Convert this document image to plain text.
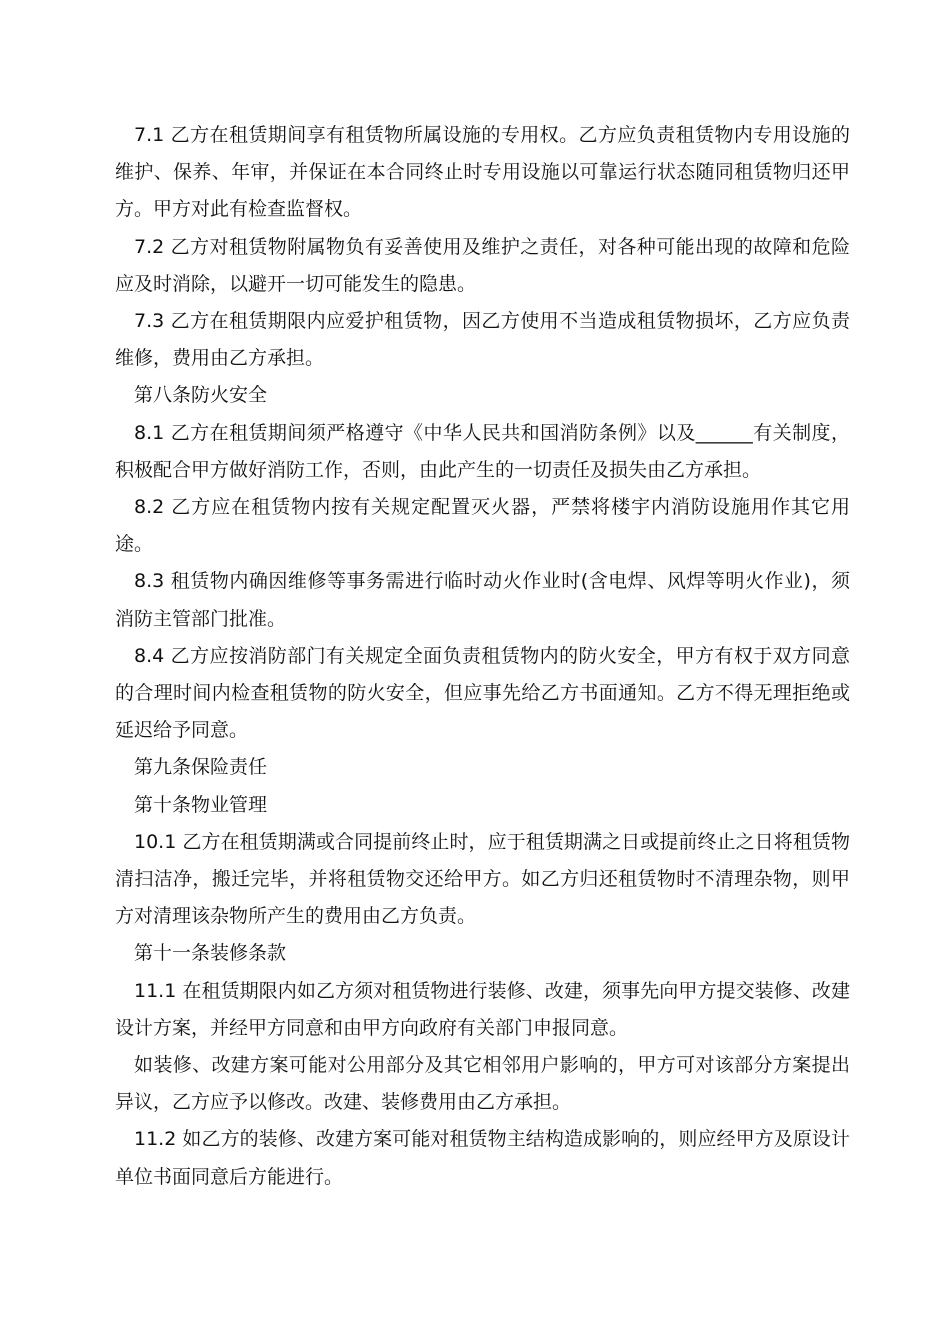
7.1 乙方在租赁期间享有租赁物所属设施的专用权。乙方应负责租赁物内专用设施的维护、保养、年审，并保证在本合同终止时专用设施以可靠运行状态随同租赁物归还甲方。甲方对此有检查监督权。

7.2 乙方对租赁物附属物负有妥善使用及维护之责任，对各种可能出现的故障和危险应及时消除，以避开一切可能发生的隐患。

7.3 乙方在租赁期限内应爱护租赁物，因乙方使用不当造成租赁物损坏，乙方应负责维修，费用由乙方承担。

第八条防火安全

8.1 乙方在租赁期间须严格遵守《中华人民共和国消防条例》以及______有关制度，积极配合甲方做好消防工作，否则，由此产生的一切责任及损失由乙方承担。

8.2 乙方应在租赁物内按有关规定配置灭火器，严禁将楼宇内消防设施用作其它用途。

8.3 租赁物内确因维修等事务需进行临时动火作业时(含电焊、风焊等明火作业)，须消防主管部门批准。

8.4 乙方应按消防部门有关规定全面负责租赁物内的防火安全，甲方有权于双方同意的合理时间内检查租赁物的防火安全，但应事先给乙方书面通知。乙方不得无理拒绝或延迟给予同意。

第九条保险责任

第十条物业管理

10.1 乙方在租赁期满或合同提前终止时，应于租赁期满之日或提前终止之日将租赁物清扫洁净，搬迁完毕，并将租赁物交还给甲方。如乙方归还租赁物时不清理杂物，则甲方对清理该杂物所产生的费用由乙方负责。

第十一条装修条款

11.1 在租赁期限内如乙方须对租赁物进行装修、改建，须事先向甲方提交装修、改建设计方案，并经甲方同意和由甲方向政府有关部门申报同意。

如装修、改建方案可能对公用部分及其它相邻用户影响的，甲方可对该部分方案提出异议，乙方应予以修改。改建、装修费用由乙方承担。

11.2 如乙方的装修、改建方案可能对租赁物主结构造成影响的，则应经甲方及原设计单位书面同意后方能进行。
